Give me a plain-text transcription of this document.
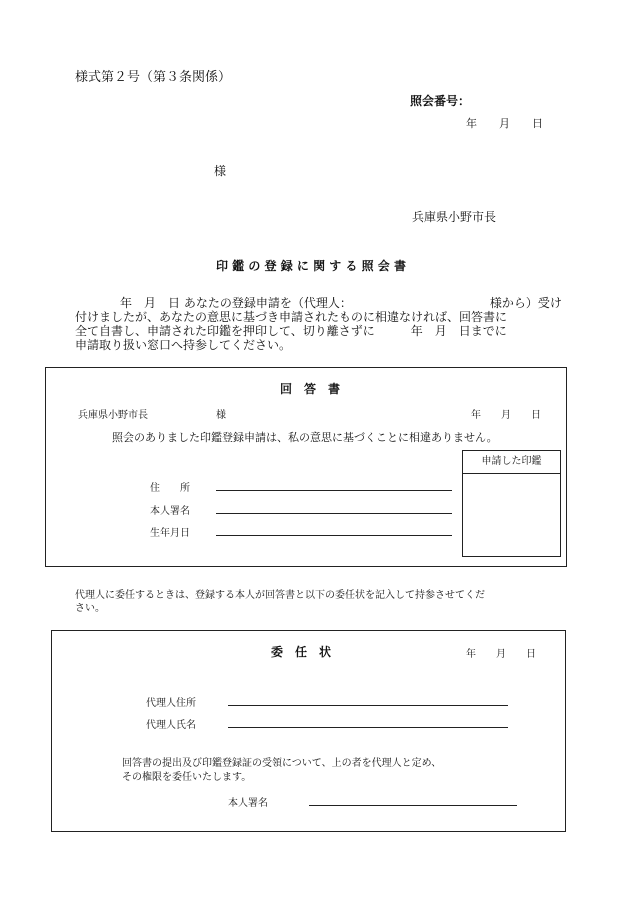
様式第２号（第３条関係）
照会番号：
年　　月　　日
様
兵庫県小野市長
印 鑑 の 登 録 に 関 す る 照 会 書
年　月　日 あなたの登録申請を（代理人：　　　　　　　　　　　　様から）受け
付けましたが、あなたの意思に基づき申請されたものに相違なければ、回答書に
全て自書し、申請された印鑑を押印して、切り離さずに　　　年　月　日までに
申請取り扱い窓口へ持参してください。
回　答　書
兵庫県小野市長	様	年　　月　　日
照会のありました印鑑登録申請は、私の意思に基づくことに相違ありません。
住　　所
本人署名
生年月日
申請した印鑑
代理人に委任するときは、登録する本人が回答書と以下の委任状を記入して持参させてくだ
さい。
委　任　状	年　　月　　日
代理人住所
代理人氏名
回答書の提出及び印鑑登録証の受領について、上の者を代理人と定め、
その権限を委任いたします。
本人署名
